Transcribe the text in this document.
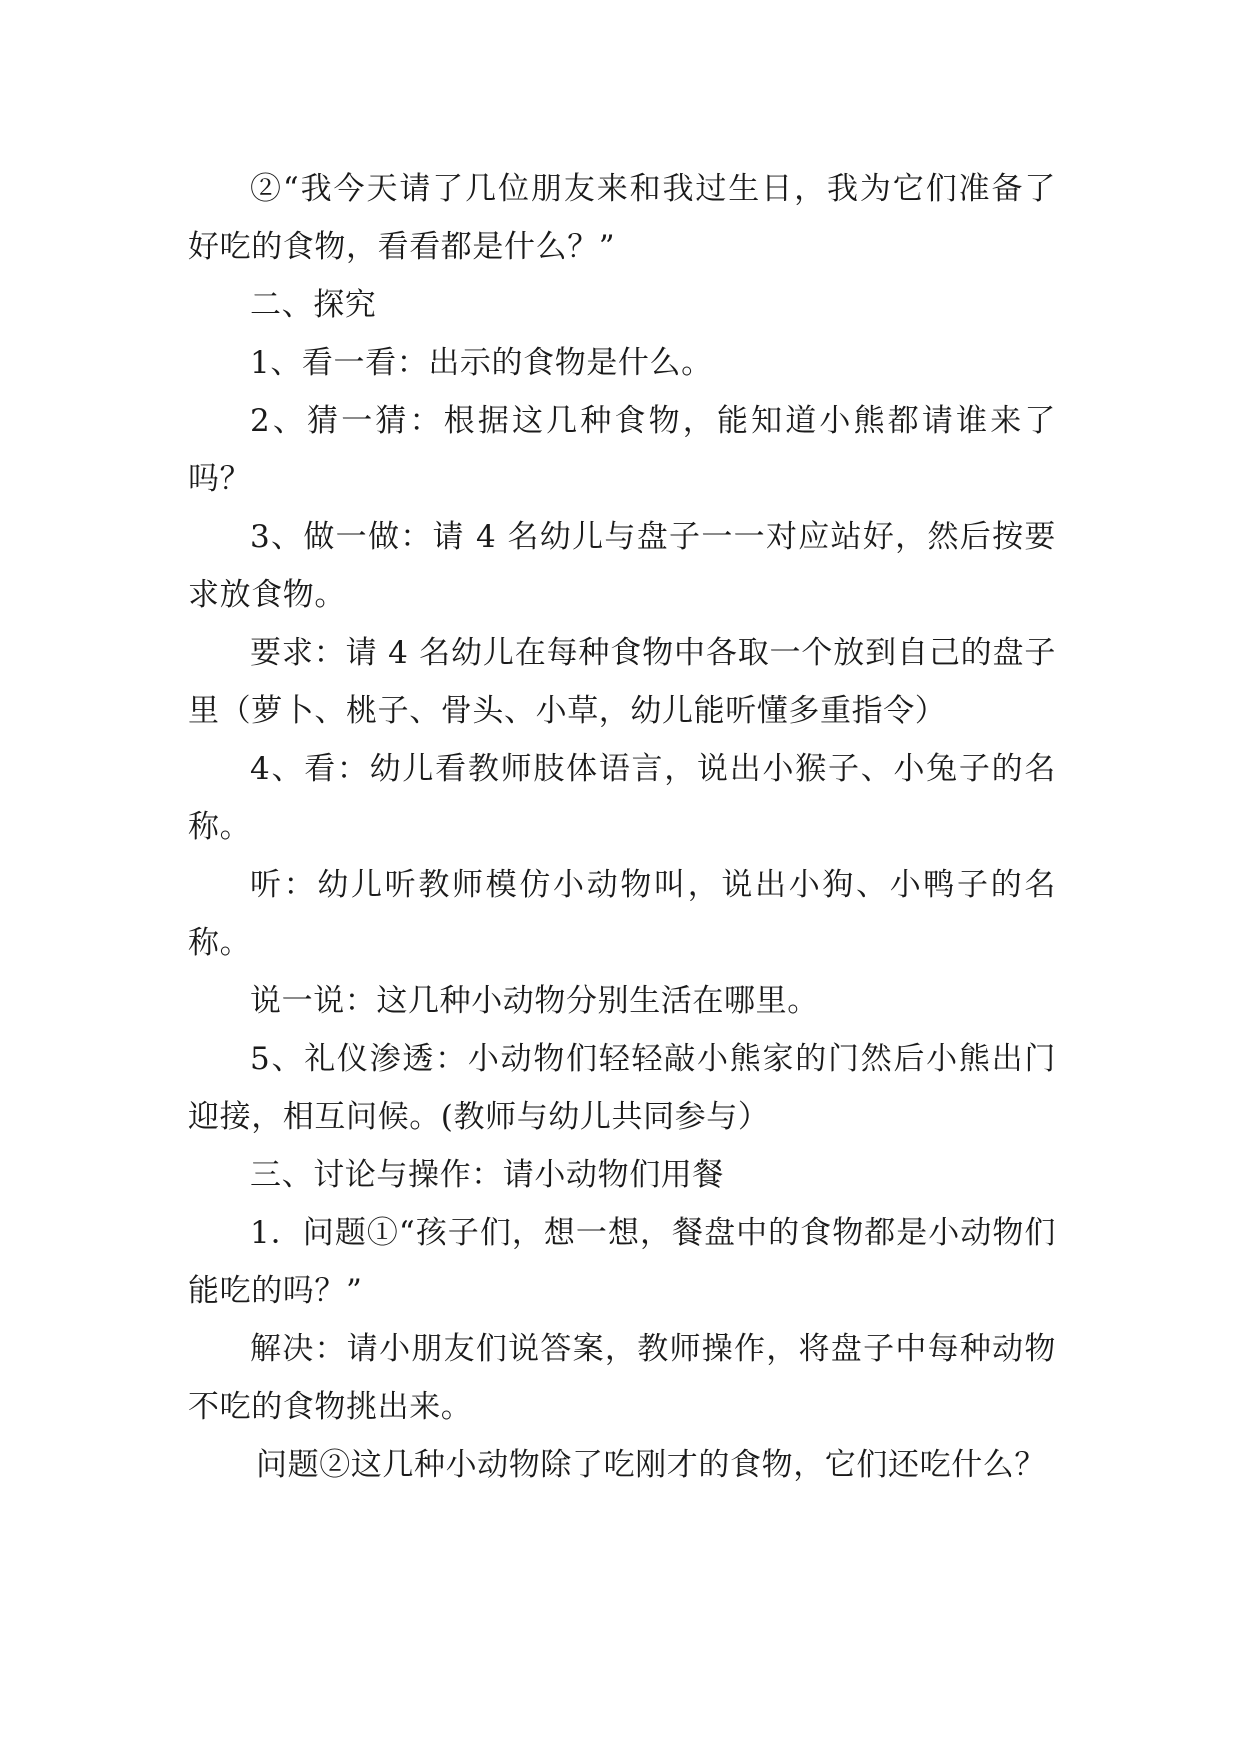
②“我今天请了几位朋友来和我过生日，我为它们准备了好吃的食物，看看都是什么？”

二、探究

1、看一看：出示的食物是什么。

2、猜一猜：根据这几种食物，能知道小熊都请谁来了吗？

3、做一做：请 4 名幼儿与盘子一一对应站好，然后按要求放食物。

要求：请 4 名幼儿在每种食物中各取一个放到自己的盘子里（萝卜、桃子、骨头、小草，幼儿能听懂多重指令）

4、看：幼儿看教师肢体语言，说出小猴子、小兔子的名称。

听：幼儿听教师模仿小动物叫，说出小狗、小鸭子的名称。

说一说：这几种小动物分别生活在哪里。

5、礼仪渗透：小动物们轻轻敲小熊家的门然后小熊出门迎接，相互问候。(教师与幼儿共同参与）

三、讨论与操作：请小动物们用餐

1．问题①“孩子们，想一想，餐盘中的食物都是小动物们能吃的吗？”

解决：请小朋友们说答案，教师操作，将盘子中每种动物不吃的食物挑出来。

问题②这几种小动物除了吃刚才的食物，它们还吃什么？
